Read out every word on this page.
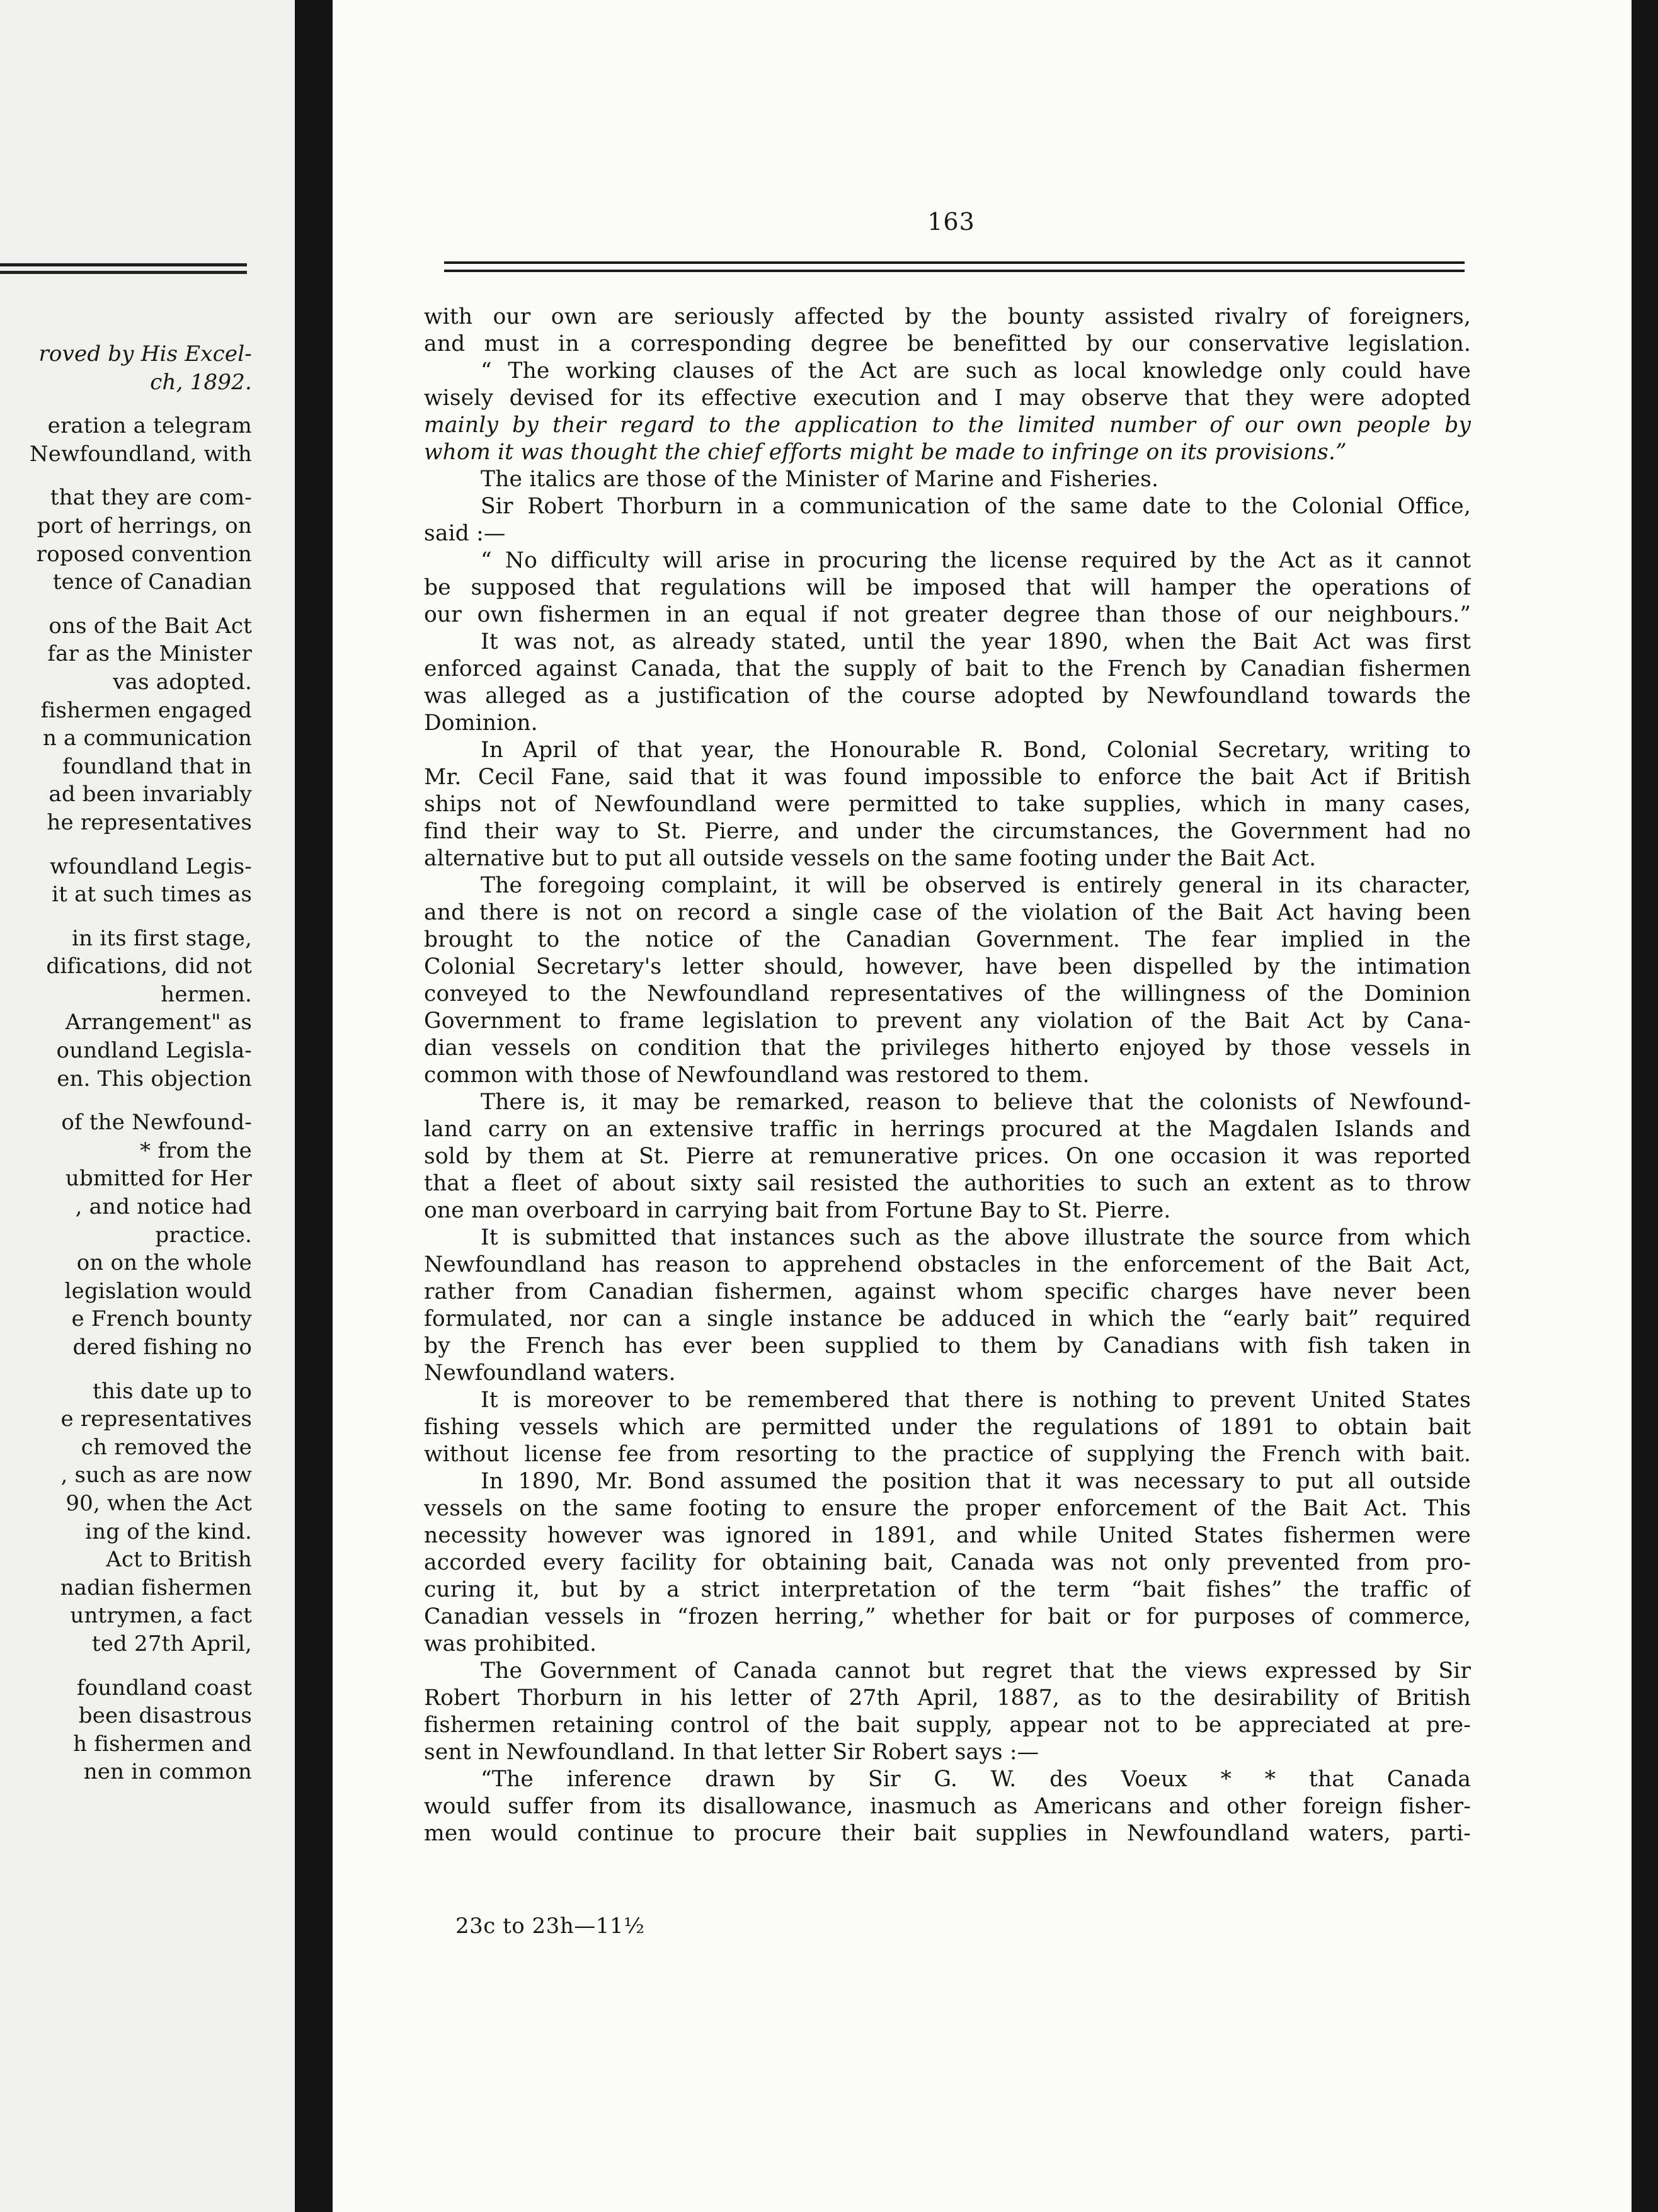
roved by His Excel-
ch, 1892.
eration a telegram
Newfoundland, with
that they are com-
port of herrings, on
roposed convention
tence of Canadian
ons of the Bait Act
far as the Minister
vas adopted.
fishermen engaged
n a communication
foundland that in
ad been invariably
he representatives
wfoundland Legis-
it at such times as
in its first stage,
difications, did not
hermen.
Arrangement" as
oundland Legisla-
en. This objection
of the Newfound-
* from the
ubmitted for Her
, and notice had
practice.
on on the whole
legislation would
e French bounty
dered fishing no
this date up to
e representatives
ch removed the
, such as are now
90, when the Act
ing of the kind.
Act to British
nadian fishermen
untrymen, a fact
ted 27th April,
foundland coast
been disastrous
h fishermen and
nen in common
163
with our own are seriously affected by the bounty assisted rivalry of foreigners,
and must in a corresponding degree be benefitted by our conservative legislation.
“ The working clauses of the Act are such as local knowledge only could have
wisely devised for its effective execution and I may observe that they were adopted
mainly by their regard to the application to the limited number of our own people by
whom it was thought the chief efforts might be made to infringe on its provisions.”
The italics are those of the Minister of Marine and Fisheries.
Sir Robert Thorburn in a communication of the same date to the Colonial Office,
said :—
“ No difficulty will arise in procuring the license required by the Act as it cannot
be supposed that regulations will be imposed that will hamper the operations of
our own fishermen in an equal if not greater degree than those of our neighbours.”
It was not, as already stated, until the year 1890, when the Bait Act was first
enforced against Canada, that the supply of bait to the French by Canadian fishermen
was alleged as a justification of the course adopted by Newfoundland towards the
Dominion.
In April of that year, the Honourable R. Bond, Colonial Secretary, writing to
Mr. Cecil Fane, said that it was found impossible to enforce the bait Act if British
ships not of Newfoundland were permitted to take supplies, which in many cases,
find their way to St. Pierre, and under the circumstances, the Government had no
alternative but to put all outside vessels on the same footing under the Bait Act.
The foregoing complaint, it will be observed is entirely general in its character,
and there is not on record a single case of the violation of the Bait Act having been
brought to the notice of the Canadian Government. The fear implied in the
Colonial Secretary's letter should, however, have been dispelled by the intimation
conveyed to the Newfoundland representatives of the willingness of the Dominion
Government to frame legislation to prevent any violation of the Bait Act by Cana-
dian vessels on condition that the privileges hitherto enjoyed by those vessels in
common with those of Newfoundland was restored to them.
There is, it may be remarked, reason to believe that the colonists of Newfound-
land carry on an extensive traffic in herrings procured at the Magdalen Islands and
sold by them at St. Pierre at remunerative prices. On one occasion it was reported
that a fleet of about sixty sail resisted the authorities to such an extent as to throw
one man overboard in carrying bait from Fortune Bay to St. Pierre.
It is submitted that instances such as the above illustrate the source from which
Newfoundland has reason to apprehend obstacles in the enforcement of the Bait Act,
rather from Canadian fishermen, against whom specific charges have never been
formulated, nor can a single instance be adduced in which the “early bait” required
by the French has ever been supplied to them by Canadians with fish taken in
Newfoundland waters.
It is moreover to be remembered that there is nothing to prevent United States
fishing vessels which are permitted under the regulations of 1891 to obtain bait
without license fee from resorting to the practice of supplying the French with bait.
In 1890, Mr. Bond assumed the position that it was necessary to put all outside
vessels on the same footing to ensure the proper enforcement of the Bait Act. This
necessity however was ignored in 1891, and while United States fishermen were
accorded every facility for obtaining bait, Canada was not only prevented from pro-
curing it, but by a strict interpretation of the term “bait fishes” the traffic of
Canadian vessels in “frozen herring,” whether for bait or for purposes of commerce,
was prohibited.
The Government of Canada cannot but regret that the views expressed by Sir
Robert Thorburn in his letter of 27th April, 1887, as to the desirability of British
fishermen retaining control of the bait supply, appear not to be appreciated at pre-
sent in Newfoundland. In that letter Sir Robert says :—
“The inference drawn by Sir G. W. des Voeux * * that Canada
would suffer from its disallowance, inasmuch as Americans and other foreign fisher-
men would continue to procure their bait supplies in Newfoundland waters, parti-
23c to 23h—11½
